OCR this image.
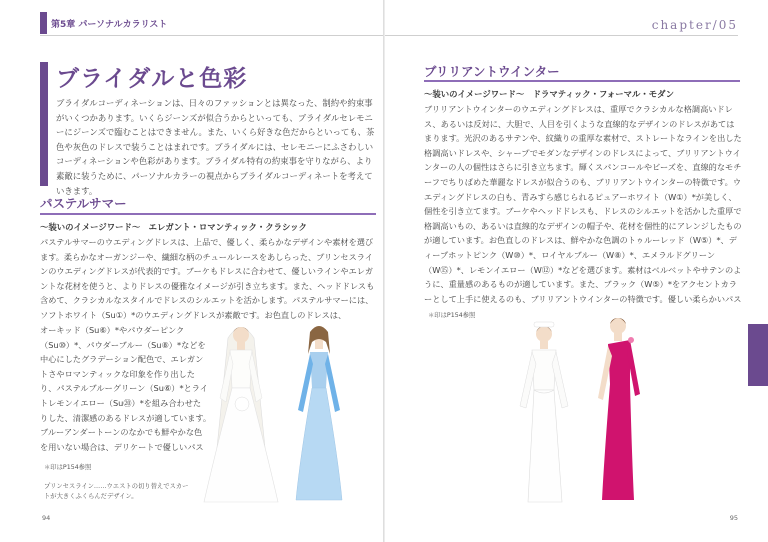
第5章 パーソナルカラリスト
ブライダルと色彩
ブライダルコーディネーションは、日々のファッションとは異なった、制約や約束事がいくつかあります。いくらジーンズが似合うからといっても、ブライダルセレモニーにジーンズで臨むことはできません。また、いくら好きな色だからといっても、茶色や灰色のドレスで装うことはまれです。ブライダルには、セレモニーにふさわしいコーディネーションや色彩があります。ブライダル特有の約束事を守りながら、より素敵に装うために、パーソナルカラーの視点からブライダルコーディネートを考えていきます。
パステルサマー
〜装いのイメージワード〜　エレガント・ロマンティック・クラシック
パステルサマーのウエディングドレスは、上品で、優しく、柔らかなデザインや素材を選びます。柔らかなオーガンジーや、繊細な柄のチュールレースをあしらった、プリンセスラインのウエディングドレスが代表的です。ブーケもドレスに合わせて、優しいラインやエレガントな花材を使うと、よりドレスの優雅なイメージが引き立ちます。また、ヘッドドレスも含めて、クラシカルなスタイルでドレスのシルエットを活かします。パステルサマーには、ソフトホワイト（Su①）*のウエディングドレスが素敵です。お色直しのドレスは、
オーキッド（Su⑥）*やパウダーピンク（Su⑩）*、パウダーブルー（Su⑧）*などを中心にしたグラデーション配色で、エレガントさやロマンティックな印象を作り出したり、パステルブルーグリーン（Su⑥）*とライトレモンイエロー（Su⑳）*を組み合わせたりした、清潔感のあるドレスが適しています。　ブルーアンダートーンのなかでも鮮やかな色を用いない場合は、デリケートで優しいパス
＊印はP154参照
プリンセスライン……ウエストの切り替えでスカートが大きくふくらんだデザイン。
94
chapter/05
ブリリアントウインター
〜装いのイメージワード〜　ドラマティック・フォーマル・モダン
ブリリアントウインターのウエディングドレスは、重厚でクラシカルな格調高いドレス、あるいは反対に、大胆で、人目を引くような直線的なデザインのドレスがあてはまります。光沢のあるサテンや、紋織りの重厚な素材で、ストレートなラインを出した格調高いドレスや、シャープでモダンなデザインのドレスによって、ブリリアントウインターの人の個性はさらに引き立ちます。輝くスパンコールやビーズを、直線的なモチーフでちりばめた華麗なドレスが似合うのも、ブリリアントウインターの特徴です。ウエディングドレスの白も、青みすら感じられるピュアーホワイト（W①）*が美しく、個性を引き立てます。ブーケやヘッドドレスも、ドレスのシルエットを活かした重厚で格調高いもの、あるいは直線的なデザインの帽子や、花材を個性的にアレンジしたものが適しています。お色直しのドレスは、鮮やかな色調のトゥルーレッド（W⑤）*、ディープホットピンク（W⑩）*、ロイヤルブルー（W⑧）*、エメラルドグリーン（W⑮）*、レモンイエロー（W⑫）*などを選びます。素材はベルベットやサテンのように、重量感のあるものが適しています。また、ブラック（W⑤）*をアクセントカラーとして上手に使えるのも、ブリリアントウインターの特徴です。優しい柔らかいパス
＊印はP154参照
95
